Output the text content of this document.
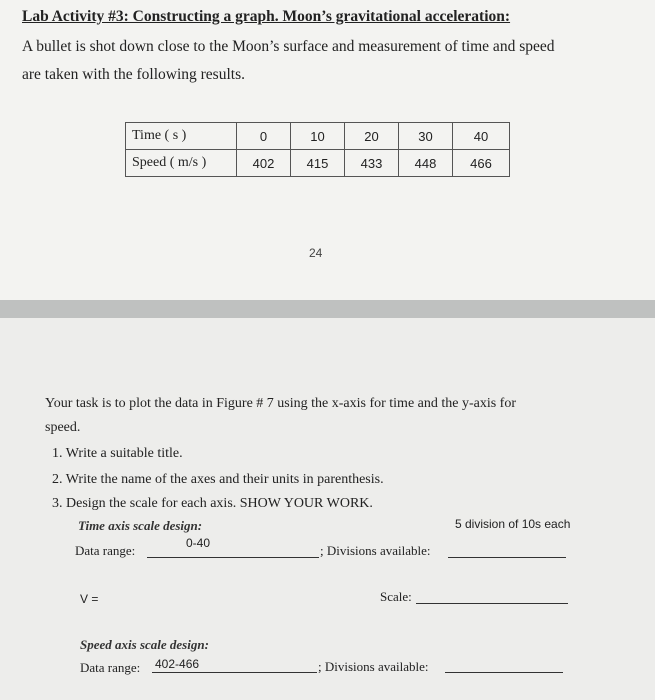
Lab Activity #3: Constructing a graph. Moon’s gravitational acceleration:
A bullet is shot down close to the Moon’s surface and measurement of time and speed
are taken with the following results.
Time ( s )	0	10	20	30	40
Speed ( m/s )	402	415	433	448	466
24
Your task is to plot the data in Figure # 7 using the x-axis for time and the y-axis for
speed.
1. Write a suitable title.
2. Write the name of the axes and their units in parenthesis.
3. Design the scale for each axis. SHOW YOUR WORK.
Time axis scale design:	5 division of 10s each
Data range:	0-40	; Divisions available:
V =	Scale:
Speed axis scale design:
Data range: 402-466	; Divisions available:
